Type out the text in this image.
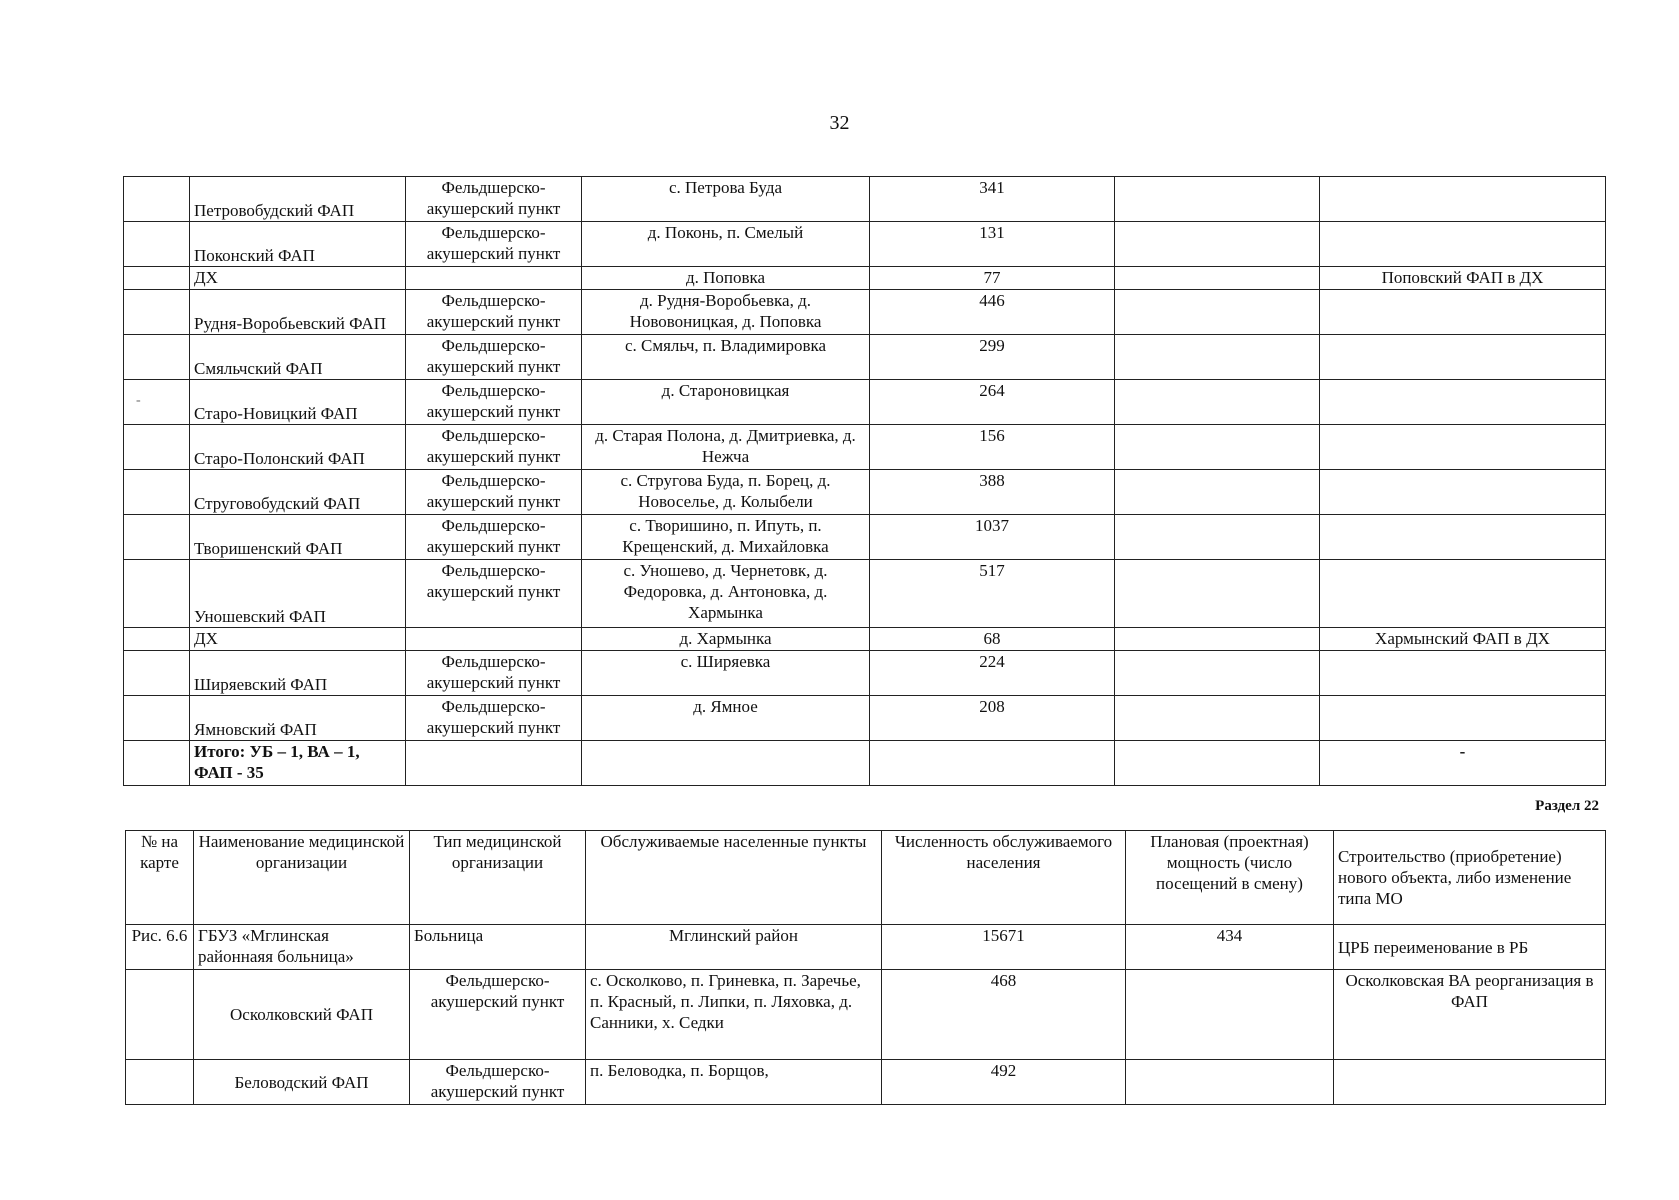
32
-
	Петровобудский ФАП	Фельдшерско-акушерский пункт	с. Петрова Буда	341		
	Поконский ФАП	Фельдшерско-акушерский пункт	д. Поконь, п. Смелый	131		
	ДХ		д. Поповка	77		Поповский ФАП в ДХ
	Рудня-Воробьевский ФАП	Фельдшерско-акушерский пункт	д. Рудня-Воробьевка, д. Нововоницкая, д. Поповка	446		
	Смяльчский ФАП	Фельдшерско-акушерский пункт	с. Смяльч, п. Владимировка	299		
	Старо-Новицкий ФАП	Фельдшерско-акушерский пункт	д. Староновицкая	264		
	Старо-Полонский ФАП	Фельдшерско-акушерский пункт	д. Старая Полона, д. Дмитриевка, д. Нежча	156		
	Струговобудский ФАП	Фельдшерско-акушерский пункт	с. Стругова Буда, п. Борец, д. Новоселье, д. Колыбели	388		
	Творишенский ФАП	Фельдшерско-акушерский пункт	с. Творишино, п. Ипуть, п. Крещенский, д. Михайловка	1037		
	Уношевский ФАП	Фельдшерско-акушерский пункт	с. Уношево, д. Чернетовк, д. Федоровка, д. Антоновка, д. Хармынка	517		
	ДХ		д. Хармынка	68		Хармынский ФАП в ДХ
	Ширяевский ФАП	Фельдшерско-акушерский пункт	с. Ширяевка	224		
	Ямновский ФАП	Фельдшерско-акушерский пункт	д. Ямное	208		
	Итого: УБ – 1, ВА – 1, ФАП - 35					-
Раздел 22
№ на карте	Наименование медицинской организации	Тип медицинской организации	Обслуживаемые населенные пункты	Численность обслуживаемого населения	Плановая (проектная) мощность (число посещений в смену)	Строительство (приобретение) нового объекта, либо изменение типа МО
Рис. 6.6	ГБУЗ «Мглинская районнаяя больница»	Больница	Мглинский район	15671	434	ЦРБ переименование в РБ
	Осколковский ФАП	Фельдшерско-акушерский пункт	с. Осколково, п. Гриневка, п. Заречье, п. Красный, п. Липки, п. Ляховка, д. Санники, х. Седки	468		Осколковская ВА реорганизация в ФАП
	Беловодский ФАП	Фельдшерско-акушерский пункт	п. Беловодка, п. Борщов,	492		
